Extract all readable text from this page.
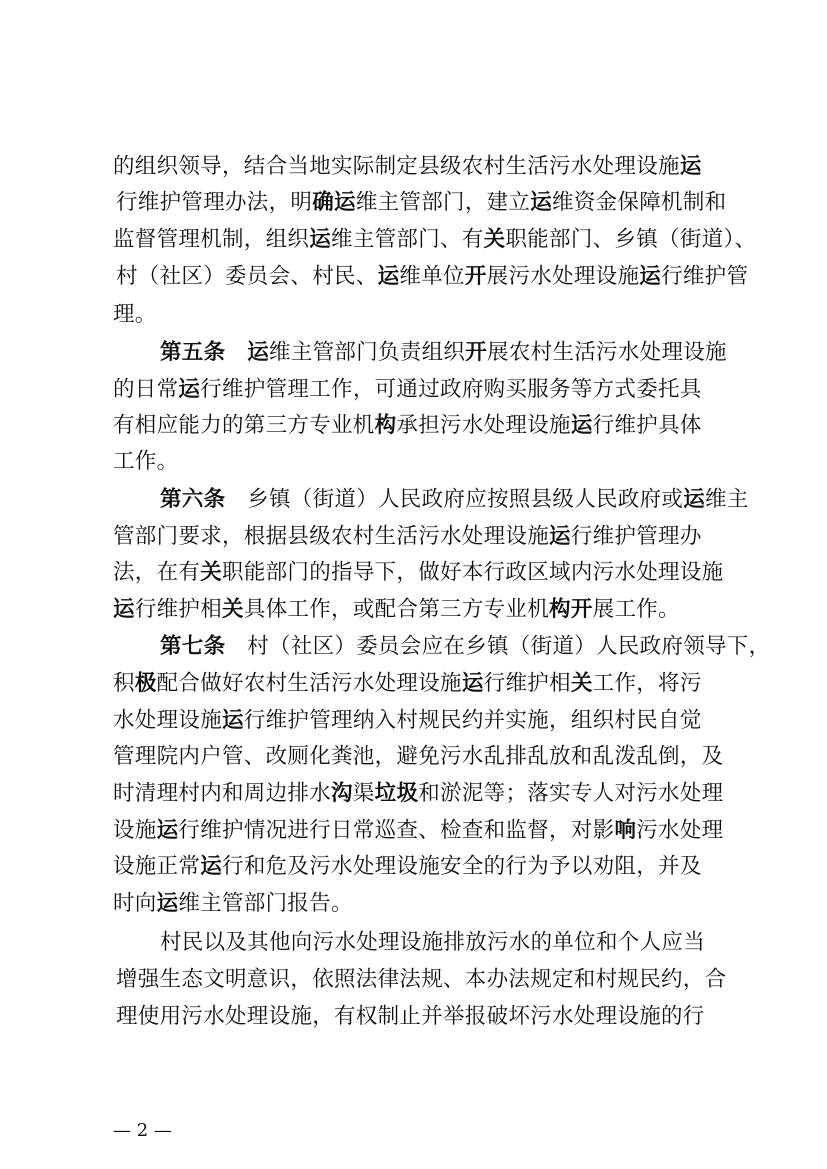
的组织领导，结合当地实际制定县级农村生活污水处理设施运
行维护管理办法，明确运维主管部门，建立运维资金保障机制和
监督管理机制，组织运维主管部门、有关职能部门、乡镇（街道）、
村（社区）委员会、村民、运维单位开展污水处理设施运行维护管
理。
第五条　 运维主管部门负责组织开展农村生活污水处理设施
的日常运行维护管理工作，可通过政府购买服务等方式委托具
有相应能力的第三方专业机构承担污水处理设施运行维护具体
工作。
第六条　乡镇（街道）人民政府应按照县级人民政府或运维主
管部门要求，根据县级农村生活污水处理设施运行维护管理办
法，在有关职能部门的指导下，做好本行政区域内污水处理设施
运行维护相关具体工作，或配合第三方专业机构开展工作。
第七条　村（社区）委员会应在乡镇（街道）人民政府领导下，
积极配合做好农村生活污水处理设施运行维护相关工作，将污
水处理设施运行维护管理纳入村规民约并实施，组织村民自觉
管理院内户管、改厕化粪池，避免污水乱排乱放和乱泼乱倒，及
时清理村内和周边排水沟渠垃圾和淤泥等；落实专人对污水处理
设施运行维护情况进行日常巡查、检查和监督，对影响污水处理
设施正常运行和危及污水处理设施安全的行为予以劝阻，并及
时向运维主管部门报告。
村民以及其他向污水处理设施排放污水的单位和个人应当
增强生态文明意识，依照法律法规、本办法规定和村规民约，合
理使用污水处理设施，有权制止并举报破坏污水处理设施的行
— 2 —
